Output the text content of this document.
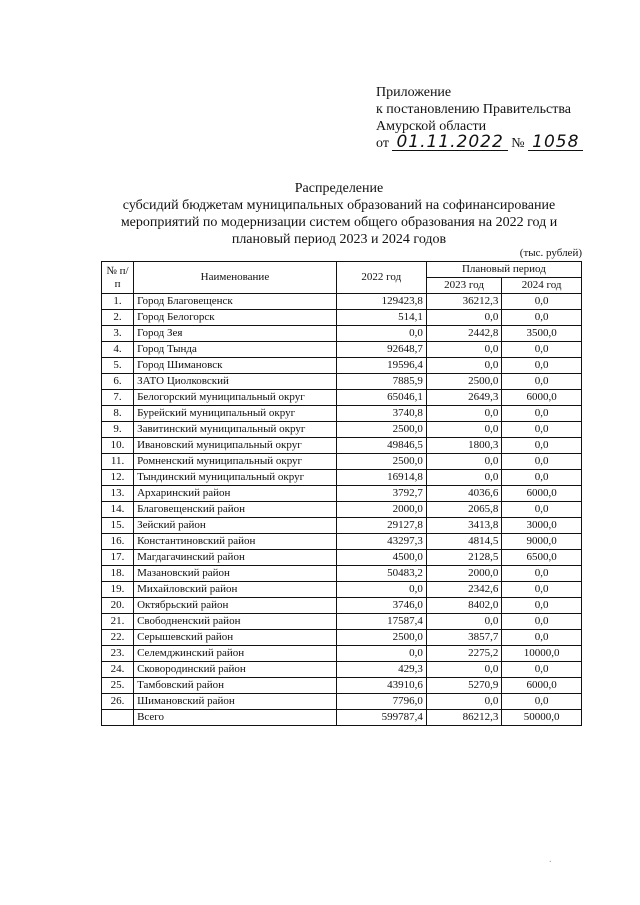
Приложение
к постановлению Правительства
Амурской области
от 01.11.2022 № 1058
Распределение
субсидий бюджетам муниципальных образований на софинансирование
мероприятий по модернизации систем общего образования на 2022 год и
плановый период 2023 и 2024 годов
(тыс. рублей)
№ п/п	Наименование	2022 год	Плановый период	
			2023 год	2024 год
1.	Город Благовещенск	129423,8	36212,3	0,0
2.	Город Белогорск	514,1	0,0	0,0
3.	Город Зея	0,0	2442,8	3500,0
4.	Город Тында	92648,7	0,0	0,0
5.	Город Шимановск	19596,4	0,0	0,0
6.	ЗАТО Циолковский	7885,9	2500,0	0,0
7.	Белогорский муниципальный округ	65046,1	2649,3	6000,0
8.	Бурейский муниципальный округ	3740,8	0,0	0,0
9.	Завитинский муниципальный округ	2500,0	0,0	0,0
10.	Ивановский муниципальный округ	49846,5	1800,3	0,0
11.	Ромненский муниципальный округ	2500,0	0,0	0,0
12.	Тындинский муниципальный округ	16914,8	0,0	0,0
13.	Архаринский район	3792,7	4036,6	6000,0
14.	Благовещенский район	2000,0	2065,8	0,0
15.	Зейский район	29127,8	3413,8	3000,0
16.	Константиновский район	43297,3	4814,5	9000,0
17.	Магдагачинский район	4500,0	2128,5	6500,0
18.	Мазановский район	50483,2	2000,0	0,0
19.	Михайловский район	0,0	2342,6	0,0
20.	Октябрьский район	3746,0	8402,0	0,0
21.	Свободненский район	17587,4	0,0	0,0
22.	Серышевский район	2500,0	3857,7	0,0
23.	Селемджинский район	0,0	2275,2	10000,0
24.	Сковородинский район	429,3	0,0	0,0
25.	Тамбовский район	43910,6	5270,9	6000,0
26.	Шимановский район	7796,0	0,0	0,0
	Всего	599787,4	86212,3	50000,0
.
